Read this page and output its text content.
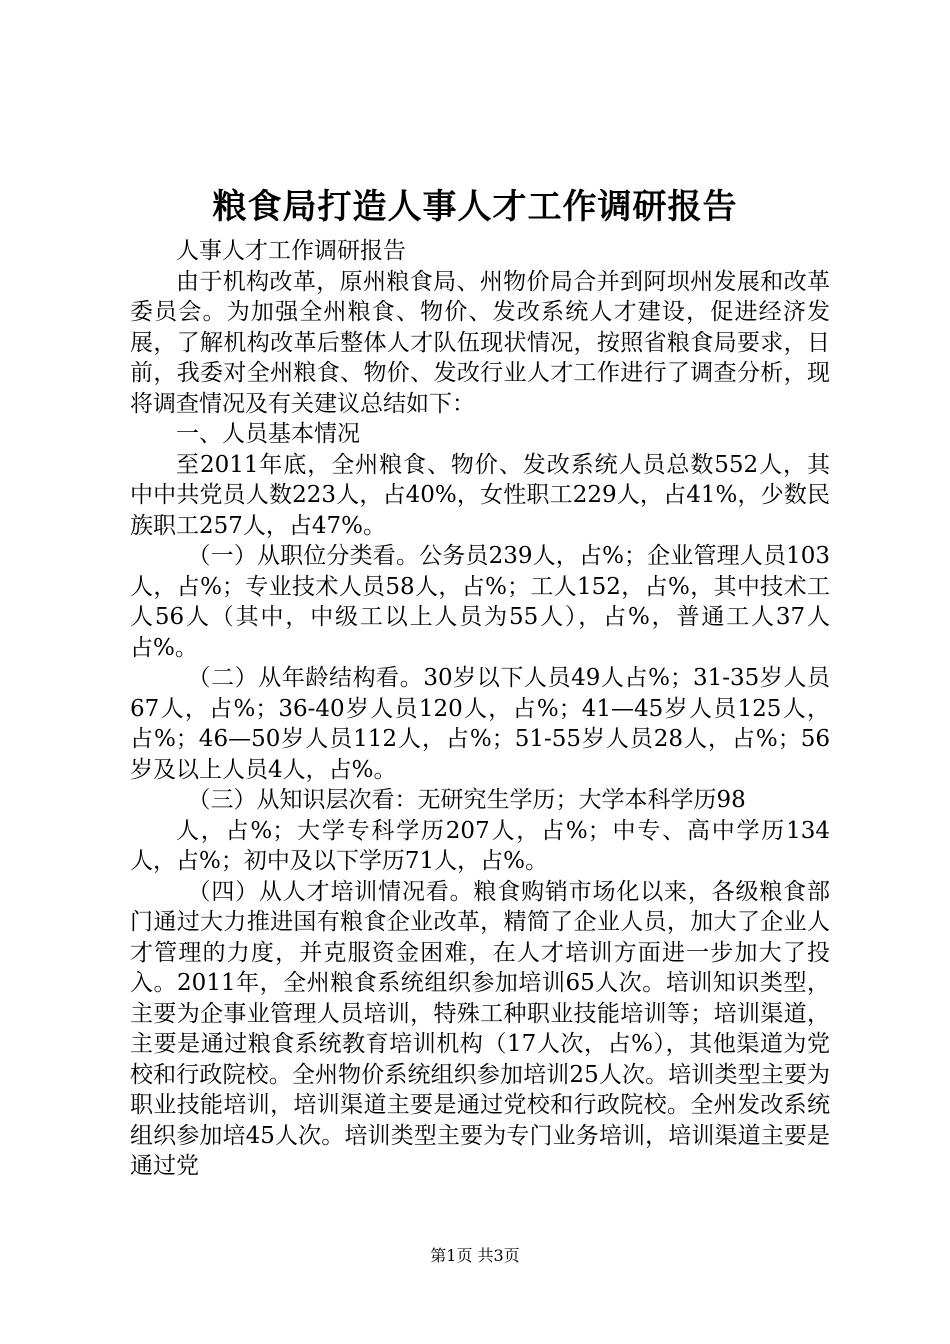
粮食局打造人事人才工作调研报告

人事人才工作调研报告

由于机构改革，原州粮食局、州物价局合并到阿坝州发展和改革委员会。为加强全州粮食、物价、发改系统人才建设，促进经济发展，了解机构改革后整体人才队伍现状情况，按照省粮食局要求，日前，我委对全州粮食、物价、发改行业人才工作进行了调查分析，现将调查情况及有关建议总结如下：

一、人员基本情况

至2011年底，全州粮食、物价、发改系统人员总数552人，其中中共党员人数223人，占40%，女性职工229人，占41%，少数民族职工257人，占47%。

（一）从职位分类看。公务员239人，占%；企业管理人员103人，占%；专业技术人员58人，占%；工人152，占%，其中技术工人56人（其中，中级工以上人员为55人），占%，普通工人37人占%。

（二）从年龄结构看。30岁以下人员49人占%；31-35岁人员67人，占%；36-40岁人员120人，占%；41—45岁人员125人，占%；46—50岁人员112人，占%；51-55岁人员28人，占%；56岁及以上人员4人，占%。

（三）从知识层次看：无研究生学历；大学本科学历98

人，占%；大学专科学历207人，占%；中专、高中学历134人，占%；初中及以下学历71人，占%。

（四）从人才培训情况看。粮食购销市场化以来，各级粮食部门通过大力推进国有粮食企业改革，精简了企业人员，加大了企业人才管理的力度，并克服资金困难，在人才培训方面进一步加大了投入。2011年，全州粮食系统组织参加培训65人次。培训知识类型，主要为企事业管理人员培训，特殊工种职业技能培训等；培训渠道，主要是通过粮食系统教育培训机构（17人次，占%），其他渠道为党校和行政院校。全州物价系统组织参加培训25人次。培训类型主要为职业技能培训，培训渠道主要是通过党校和行政院校。全州发改系统组织参加培45人次。培训类型主要为专门业务培训，培训渠道主要是通过党

第1页 共3页
